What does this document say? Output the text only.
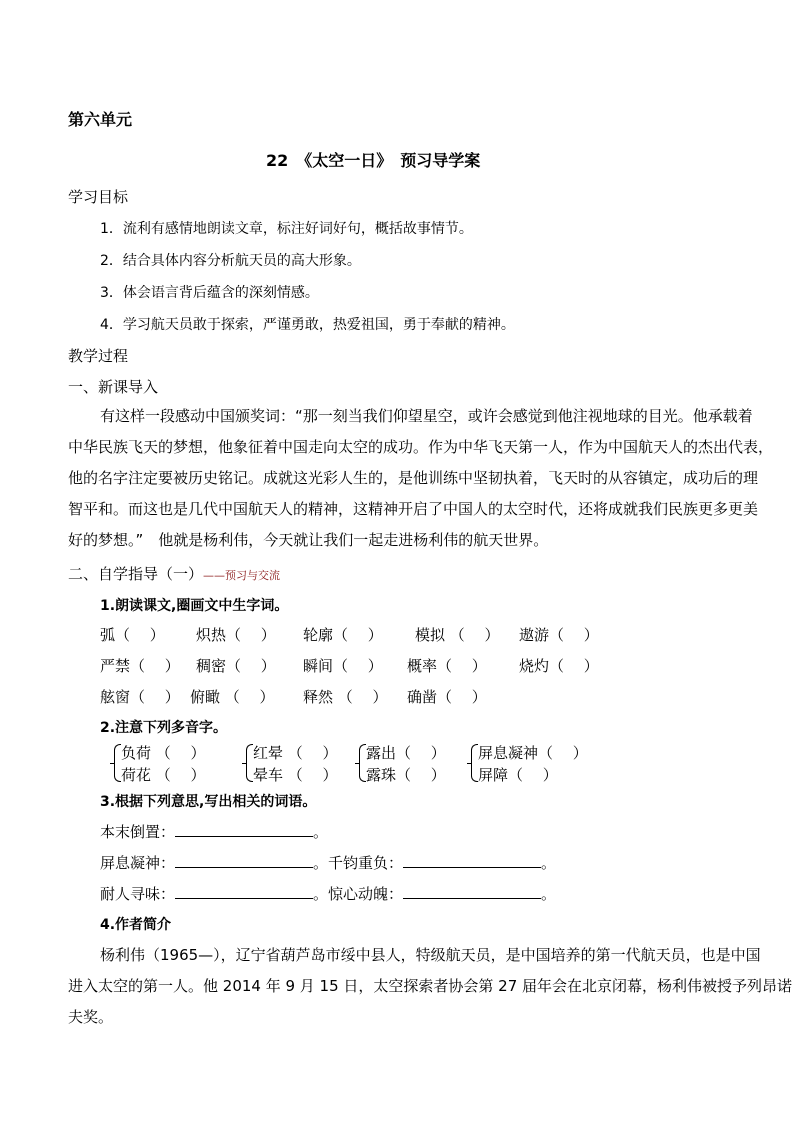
第六单元
22　《太空一日》　预习导学案
学习目标
1．流利有感情地朗读文章，标注好词好句，概括故事情节。
2．结合具体内容分析航天员的高大形象。
3．体会语言背后蕴含的深刻情感。
4．学习航天员敢于探索，严谨勇敢，热爱祖国，勇于奉献的精神。
教学过程
一、新课导入
有这样一段感动中国颁奖词：“那一刻当我们仰望星空，或许会感觉到他注视地球的目光。他承载着
中华民族飞天的梦想，他象征着中国走向太空的成功。作为中华飞天第一人，作为中国航天人的杰出代表，
他的名字注定要被历史铭记。成就这光彩人生的，是他训练中坚韧执着，飞天时的从容镇定，成功后的理
智平和。而这也是几代中国航天人的精神，这精神开启了中国人的太空时代，还将成就我们民族更多更美
好的梦想。”　他就是杨利伟，今天就让我们一起走进杨利伟的航天世界。
二、自学指导（一）——预习与交流
1.朗读课文,圈画文中生字词。
弧（　 ） 炽热（　 ） 轮廓（　 ） 模拟 （　 ） 遨游（　 ）
严禁（　 ） 稠密（　 ） 瞬间（　 ） 概率（　 ） 烧灼（　 ）
舷窗（　 ） 俯瞰 （　 ） 释然 （　 ） 确凿（　 ）
2.注意下列多音字。
负荷 （　 ）
荷花 （　 ）
红晕 （　 ）
晕车 （　 ）
露出（　 ）
露珠（　 ）
屏息凝神（　 ）
屏障（　 ）
3.根据下列意思,写出相关的词语。
本末倒置：	。
屏息凝神：	。千钧重负：	。
耐人寻味：	。惊心动魄：	。
4.作者简介
杨利伟（1965—），辽宁省葫芦岛市绥中县人，特级航天员，是中国培养的第一代航天员，也是中国
进入太空的第一人。他 2014 年 9 月 15 日，太空探索者协会第 27 届年会在北京闭幕，杨利伟被授予列昂诺
夫奖。
